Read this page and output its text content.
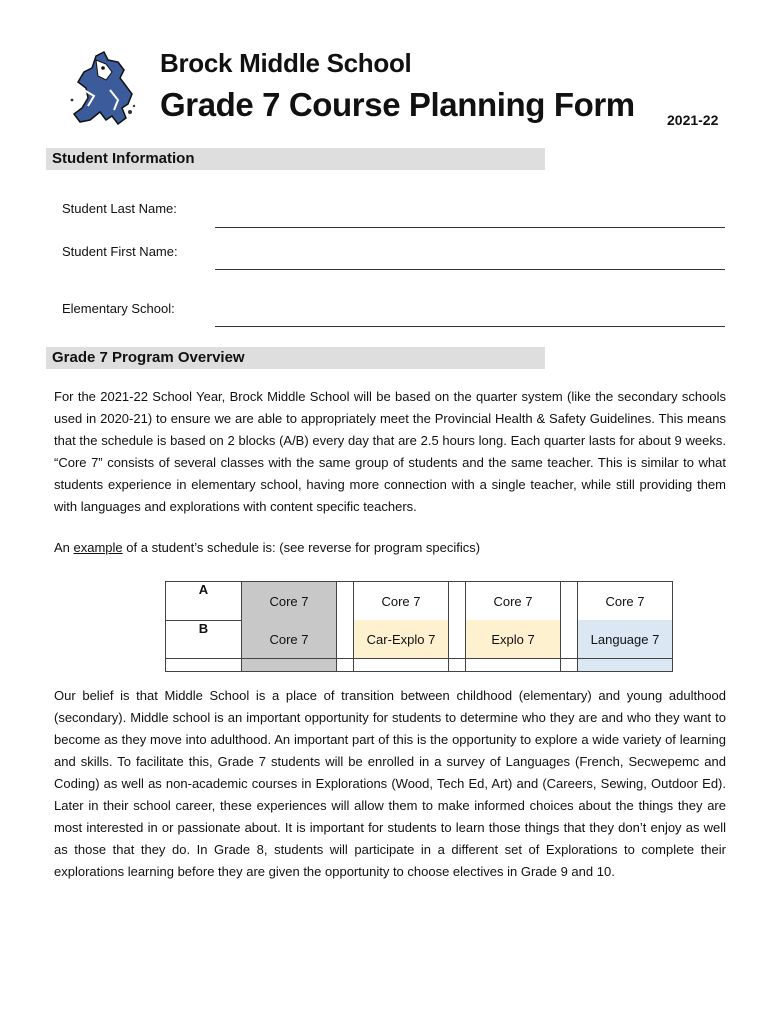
Brock Middle School
Grade 7 Course Planning Form 2021-22
Student Information
Student Last Name:
Student First Name:
Elementary School:
Grade 7 Program Overview

For the 2021-22 School Year, Brock Middle School will be based on the quarter system (like the secondary schools used in 2020-21) to ensure we are able to appropriately meet the Provincial Health & Safety Guidelines. This means that the schedule is based on 2 blocks (A/B) every day that are 2.5 hours long. Each quarter lasts for about 9 weeks. “Core 7” consists of several classes with the same group of students and the same teacher. This is similar to what students experience in elementary school, having more connection with a single teacher, while still providing them with languages and explorations with content specific teachers.

An example of a student’s schedule is: (see reverse for program specifics)
A	Core 7		Core 7		Core 7		Core 7
B	Core 7		Car-Explo 7		Explo 7		Language 7

Our belief is that Middle School is a place of transition between childhood (elementary) and young adulthood (secondary). Middle school is an important opportunity for students to determine who they are and who they want to become as they move into adulthood. An important part of this is the opportunity to explore a wide variety of learning and skills. To facilitate this, Grade 7 students will be enrolled in a survey of Languages (French, Secwepemc and Coding) as well as non-academic courses in Explorations (Wood, Tech Ed, Art) and (Careers, Sewing, Outdoor Ed). Later in their school career, these experiences will allow them to make informed choices about the things they are most interested in or passionate about. It is important for students to learn those things that they don’t enjoy as well as those that they do. In Grade 8, students will participate in a different set of Explorations to complete their explorations learning before they are given the opportunity to choose electives in Grade 9 and 10.
